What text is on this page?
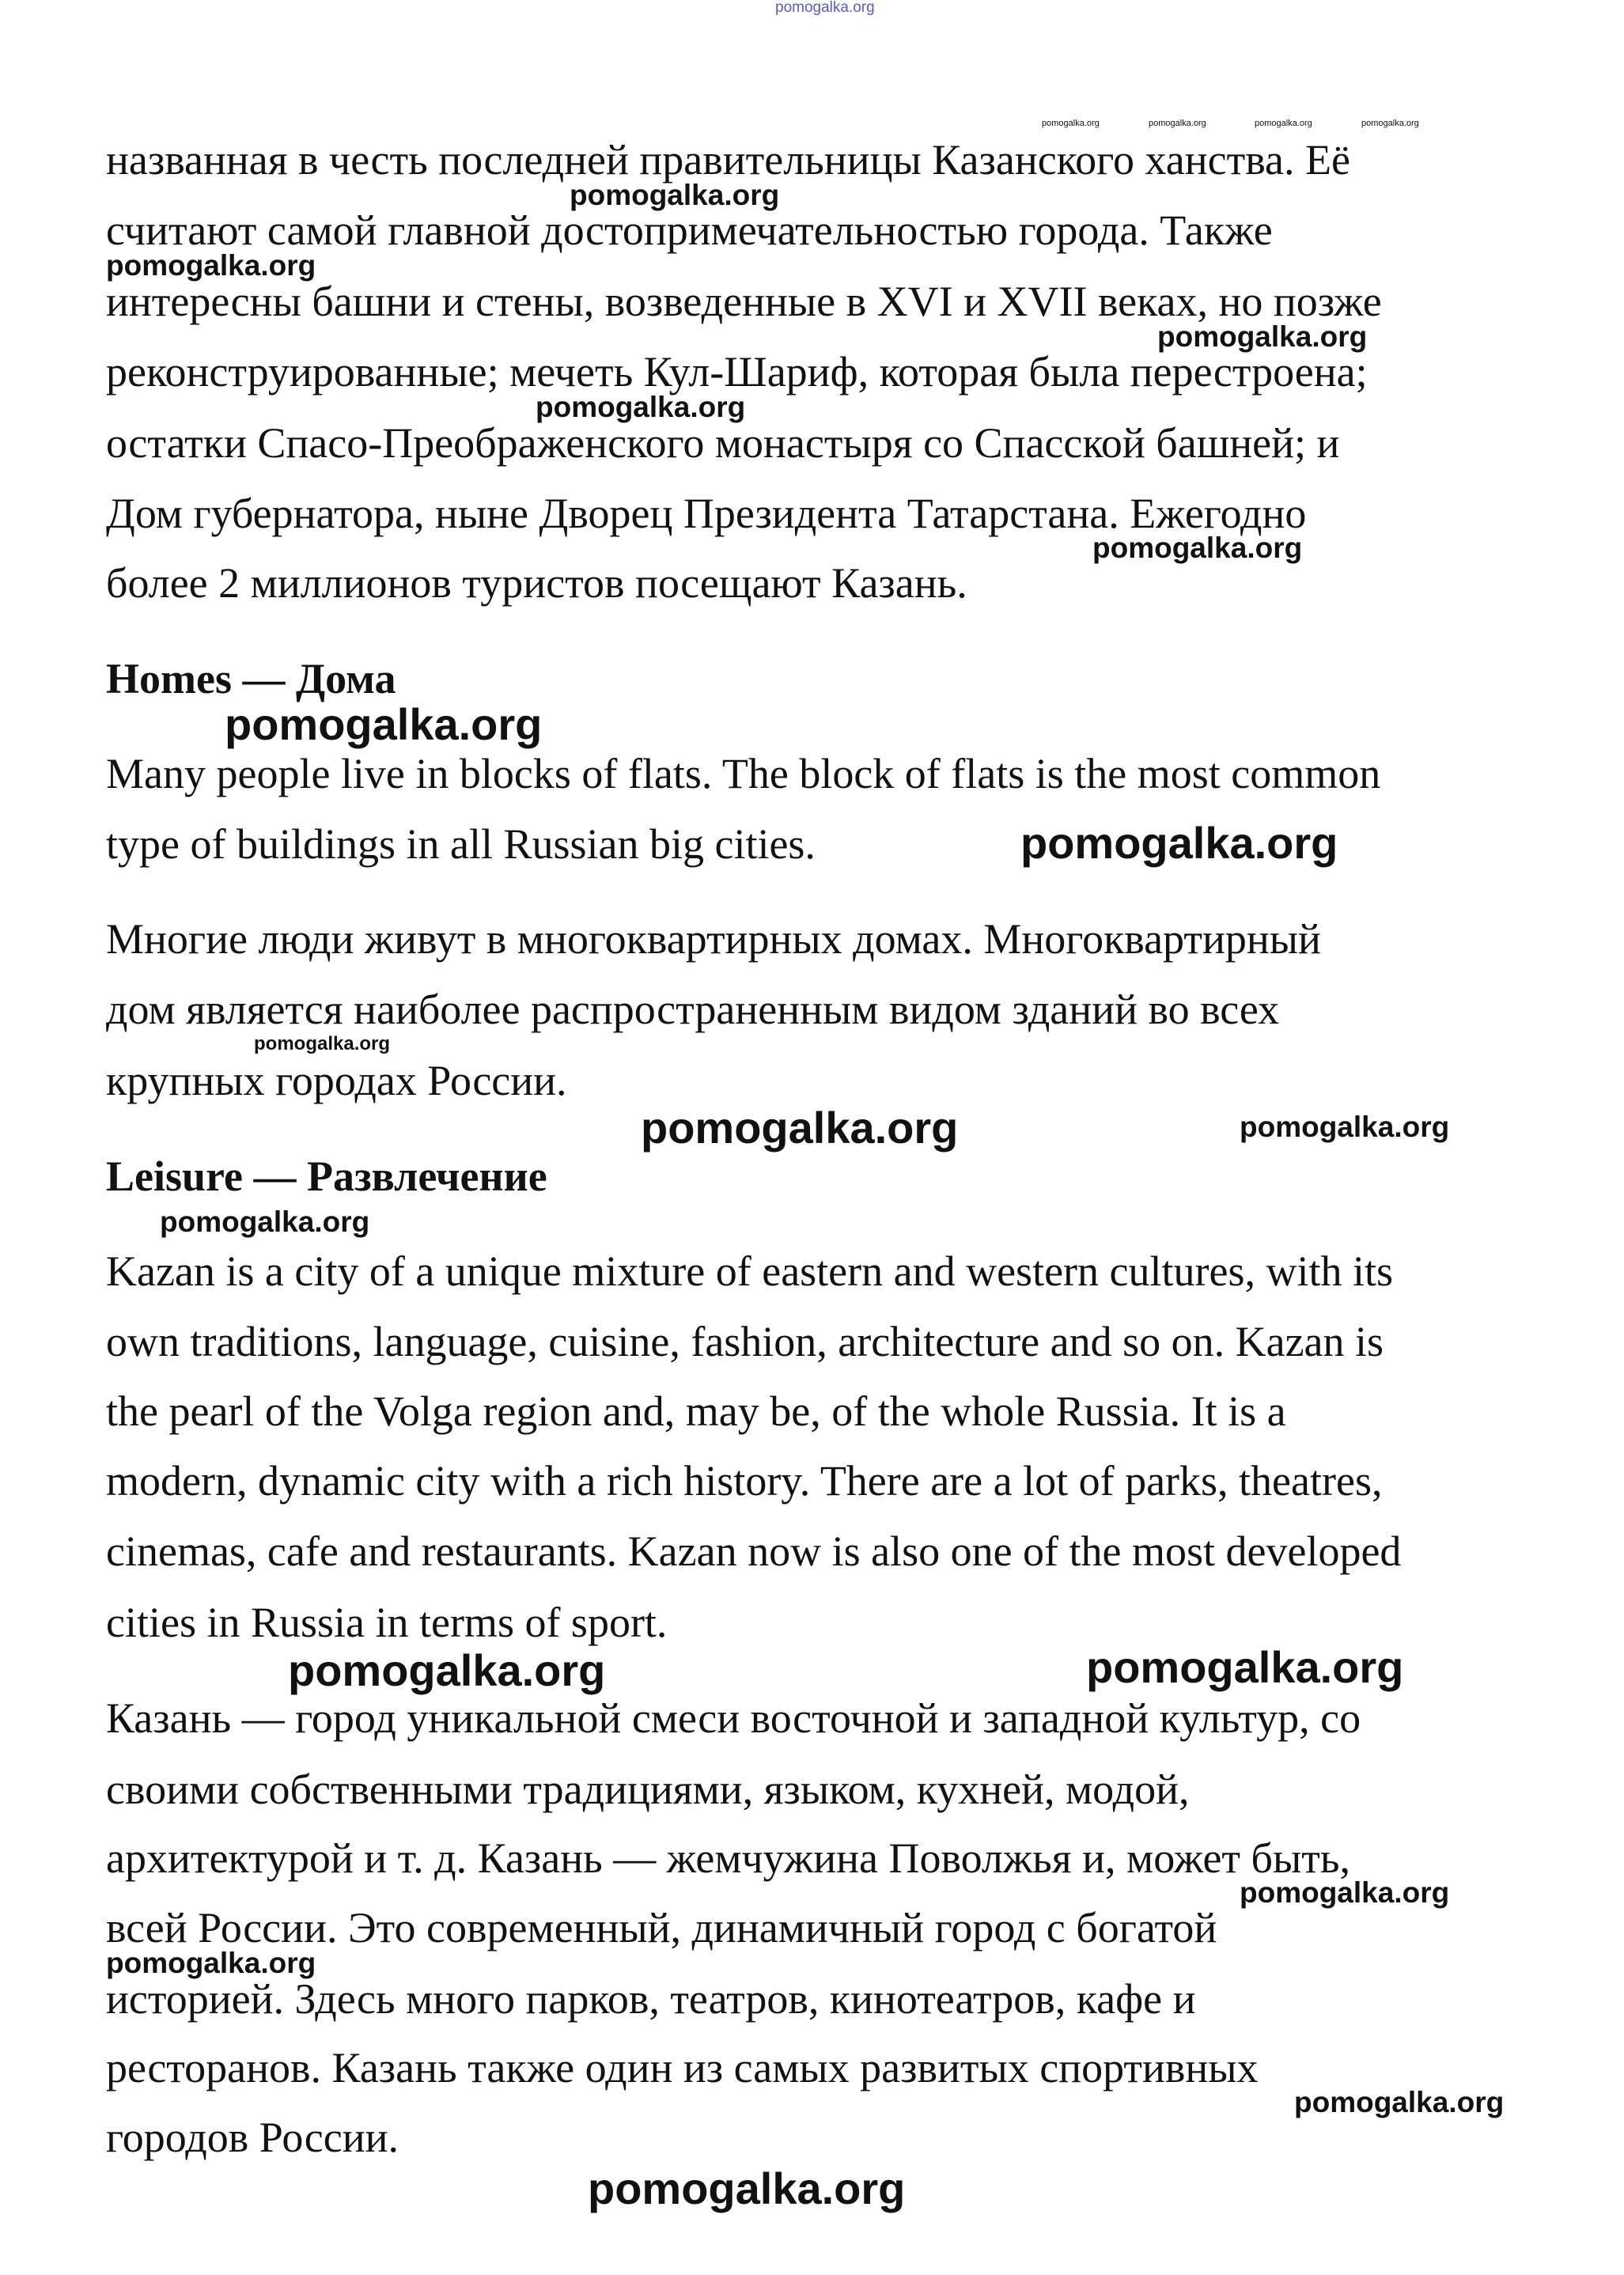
названная в честь последней правительницы Казанского ханства. Её
считают самой главной достопримечательностью города. Также
интересны башни и стены, возведенные в XVI и XVII веках, но позже
реконструированные; мечеть Кул-Шариф, которая была перестроена;
остатки Спасо-Преображенского монастыря со Спасской башней; и
Дом губернатора, ныне Дворец Президента Татарстана. Ежегодно
более 2 миллионов туристов посещают Казань.
Homes — Дома
Many people live in blocks of flats. The block of flats is the most common
type of buildings in all Russian big cities.
Многие люди живут в многоквартирных домах. Многоквартирный
дом является наиболее распространенным видом зданий во всех
крупных городах России.
Leisure — Развлечение
Kazan is a city of a unique mixture of eastern and western cultures, with its
own traditions, language, cuisine, fashion, architecture and so on. Kazan is
the pearl of the Volga region and, may be, of the whole Russia. It is a
modern, dynamic city with a rich history. There are a lot of parks, theatres,
cinemas, cafe and restaurants. Kazan now is also one of the most developed
cities in Russia in terms of sport.
Казань — город уникальной смеси восточной и западной культур, со
своими собственными традициями, языком, кухней, модой,
архитектурой и т. д. Казань — жемчужина Поволжья и, может быть,
всей России. Это современный, динамичный город с богатой
историей. Здесь много парков, театров, кинотеатров, кафе и
ресторанов. Казань также один из самых развитых спортивных
городов России.
pomogalka.org
pomogalka.org	pomogalka.org	pomogalka.org	pomogalka.org
pomogalka.org
pomogalka.org
pomogalka.org
pomogalka.org
pomogalka.org
pomogalka.org
pomogalka.org
pomogalka.org
pomogalka.org	pomogalka.org
pomogalka.org
pomogalka.org
pomogalka.org
pomogalka.org
pomogalka.org
pomogalka.org
pomogalka.org
